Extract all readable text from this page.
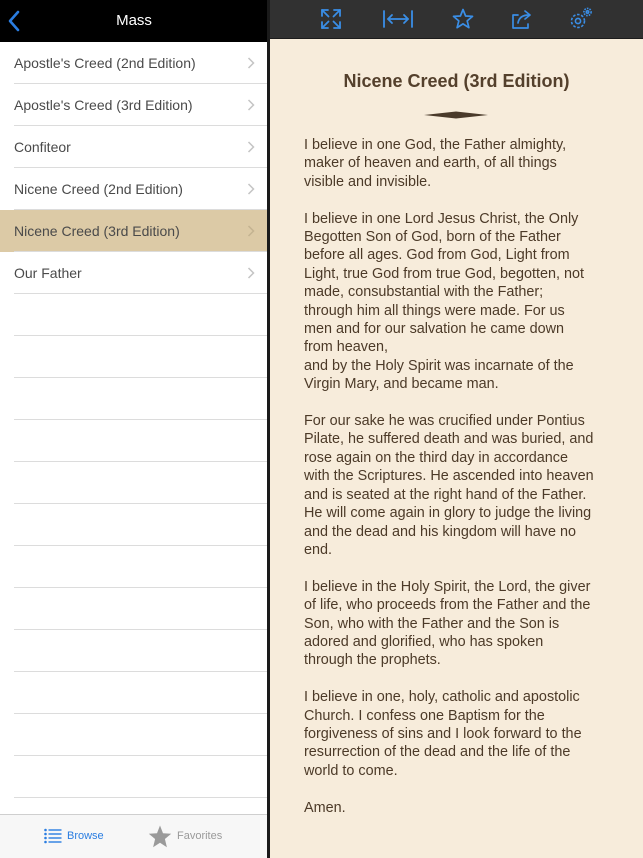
Mass
Apostle's Creed (2nd Edition)
Apostle's Creed (3rd Edition)
Confiteor
Nicene Creed (2nd Edition)
Nicene Creed (3rd Edition)
Our Father
Browse	Favorites
Nicene Creed (3rd Edition)

I believe in one God, the Father almighty,
maker of heaven and earth, of all things
visible and invisible.

I believe in one Lord Jesus Christ, the Only
Begotten Son of God, born of the Father
before all ages. God from God, Light from
Light, true God from true God, begotten, not
made, consubstantial with the Father;
through him all things were made. For us
men and for our salvation he came down
from heaven,
and by the Holy Spirit was incarnate of the
Virgin Mary, and became man.

For our sake he was crucified under Pontius
Pilate, he suffered death and was buried, and
rose again on the third day in accordance
with the Scriptures. He ascended into heaven
and is seated at the right hand of the Father.
He will come again in glory to judge the living
and the dead and his kingdom will have no
end.

I believe in the Holy Spirit, the Lord, the giver
of life, who proceeds from the Father and the
Son, who with the Father and the Son is
adored and glorified, who has spoken
through the prophets.

I believe in one, holy, catholic and apostolic
Church. I confess one Baptism for the
forgiveness of sins and I look forward to the
resurrection of the dead and the life of the
world to come.

Amen.
